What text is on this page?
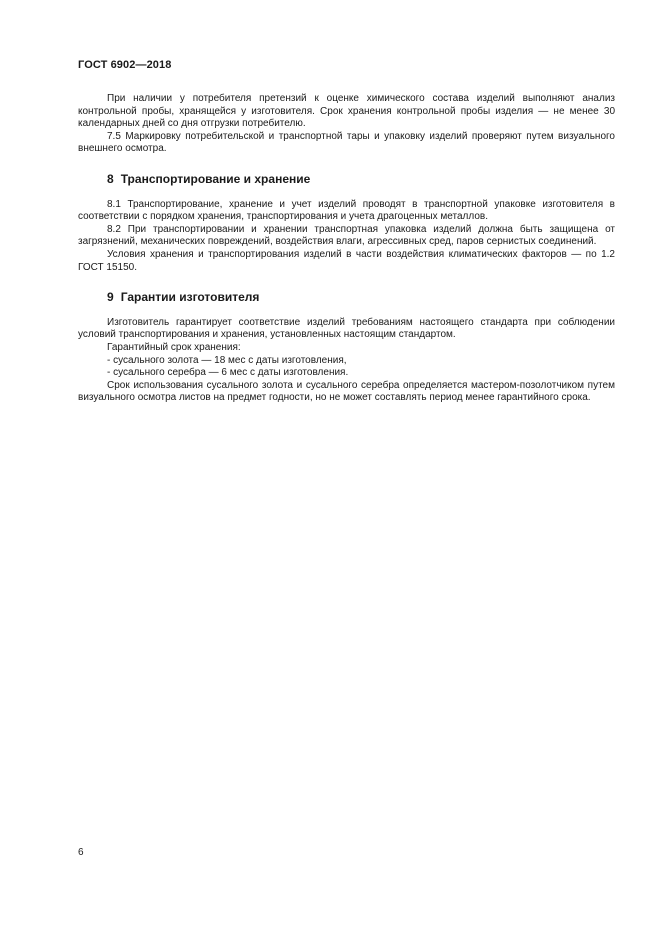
ГОСТ 6902—2018

При наличии у потребителя претензий к оценке химического состава изделий выполняют анализ контрольной пробы, хранящейся у изготовителя. Срок хранения контрольной пробы изделия — не менее 30 календарных дней со дня отгрузки потребителю.

7.5 Маркировку потребительской и транспортной тары и упаковку изделий проверяют путем визуального внешнего осмотра.

8 Транспортирование и хранение

8.1 Транспортирование, хранение и учет изделий проводят в транспортной упаковке изготовителя в соответствии с порядком хранения, транспортирования и учета драгоценных металлов.

8.2 При транспортировании и хранении транспортная упаковка изделий должна быть защищена от загрязнений, механических повреждений, воздействия влаги, агрессивных сред, паров сернистых соединений.

Условия хранения и транспортирования изделий в части воздействия климатических факторов — по 1.2 ГОСТ 15150.

9 Гарантии изготовителя

Изготовитель гарантирует соответствие изделий требованиям настоящего стандарта при соблюдении условий транспортирования и хранения, установленных настоящим стандартом.

Гарантийный срок хранения:

- сусального золота — 18 мес с даты изготовления,

- сусального серебра — 6 мес с даты изготовления.

Срок использования сусального золота и сусального серебра определяется мастером-позолотчиком путем визуального осмотра листов на предмет годности, но не может составлять период менее гарантийного срока.

6
